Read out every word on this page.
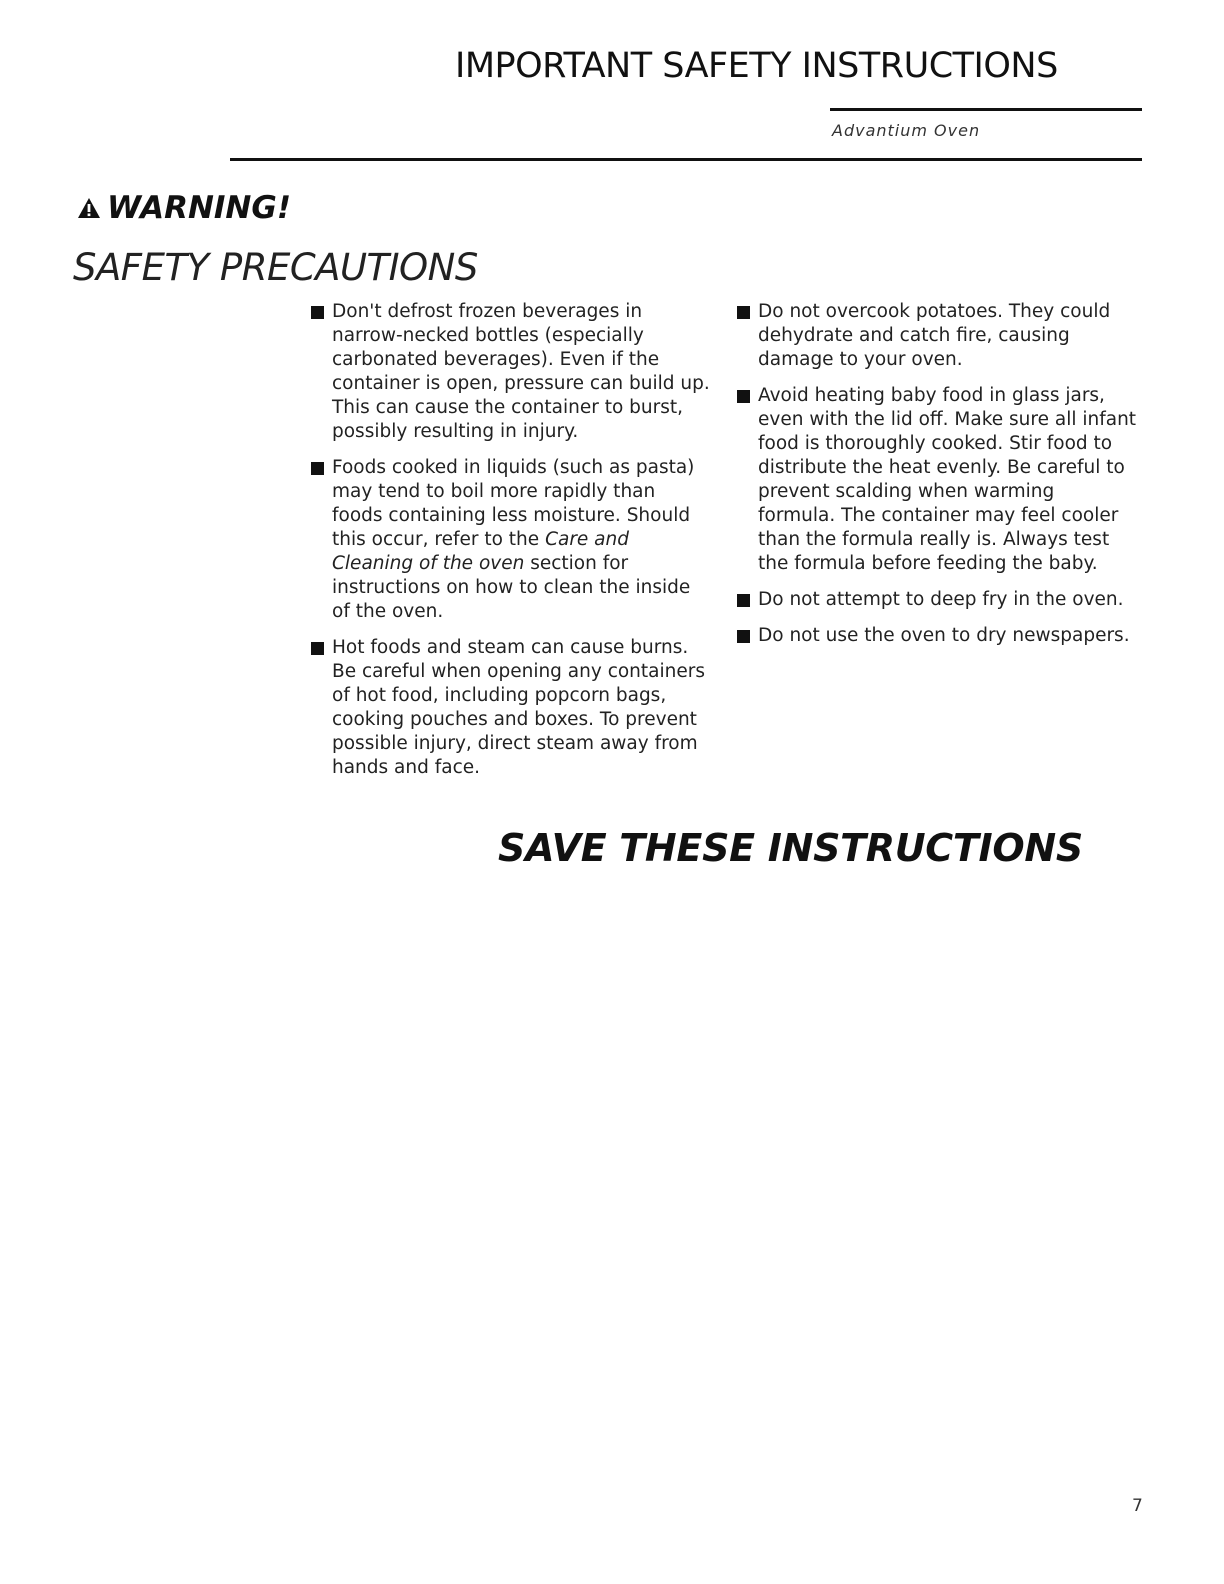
IMPORTANT SAFETY INSTRUCTIONS
Advantium Oven
WARNING!
SAFETY PRECAUTIONS
Don't defrost frozen beverages in narrow-necked bottles (especially carbonated beverages). Even if the container is open, pressure can build up. This can cause the container to burst, possibly resulting in injury.
Foods cooked in liquids (such as pasta) may tend to boil more rapidly than foods containing less moisture. Should this occur, refer to the Care and Cleaning of the oven section for instructions on how to clean the inside of the oven.
Hot foods and steam can cause burns. Be careful when opening any containers of hot food, including popcorn bags, cooking pouches and boxes. To prevent possible injury, direct steam away from hands and face.
Do not overcook potatoes. They could dehydrate and catch fire, causing damage to your oven.
Avoid heating baby food in glass jars, even with the lid off. Make sure all infant food is thoroughly cooked. Stir food to distribute the heat evenly. Be careful to prevent scalding when warming formula. The container may feel cooler than the formula really is. Always test the formula before feeding the baby.
Do not attempt to deep fry in the oven.
Do not use the oven to dry newspapers.
SAVE THESE INSTRUCTIONS
7
